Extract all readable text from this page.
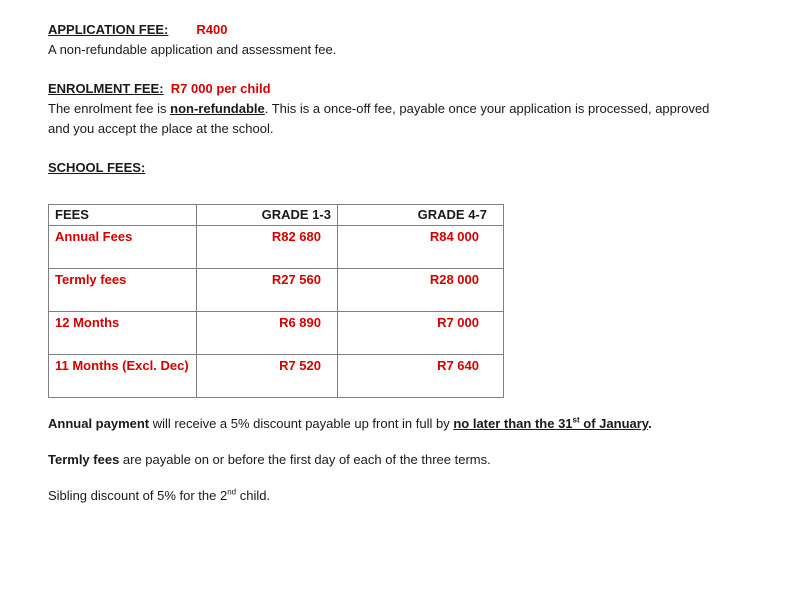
APPLICATION FEE: R400
A non-refundable application and assessment fee.
ENROLMENT FEE: R7 000 per child
The enrolment fee is non-refundable. This is a once-off fee, payable once your application is processed, approved
and you accept the place at the school.
SCHOOL FEES:
FEES	GRADE 1-3	GRADE 4-7
Annual Fees	R82 680	R84 000
Termly fees	R27 560	R28 000
12 Months	R6 890	R7 000
11 Months (Excl. Dec)	R7 520	R7 640

Annual payment will receive a 5% discount payable up front in full by no later than the 31st of January.

Termly fees are payable on or before the first day of each of the three terms.

Sibling discount of 5% for the 2nd child.
